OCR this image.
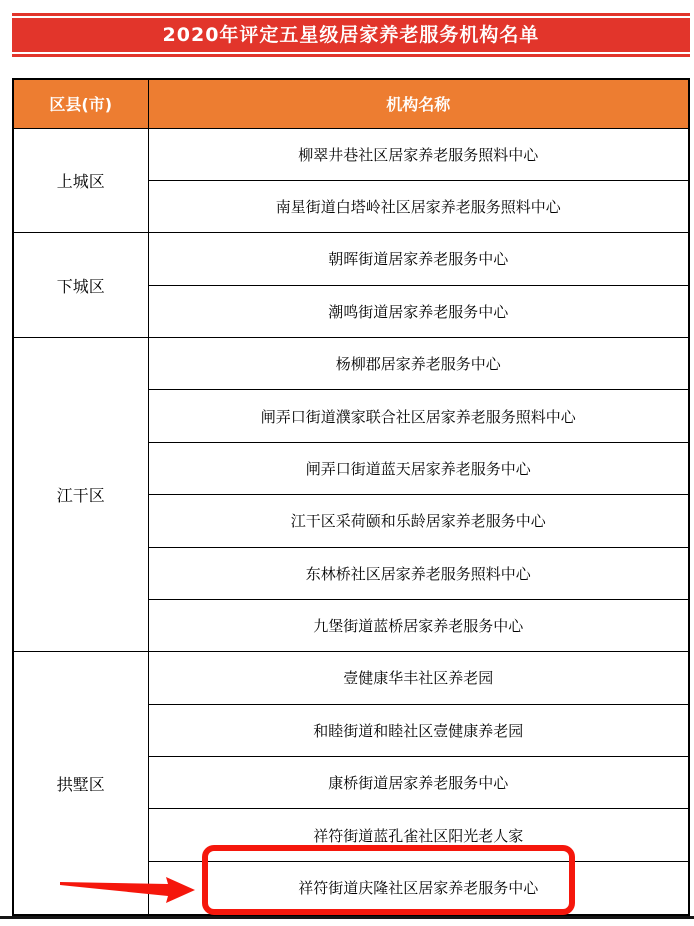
2020年评定五星级居家养老服务机构名单
区县(市)	机构名称
上城区	柳翠井巷社区居家养老服务照料中心
	南星街道白塔岭社区居家养老服务照料中心
下城区	朝晖街道居家养老服务中心
	潮鸣街道居家养老服务中心
江干区	杨柳郡居家养老服务中心
	闸弄口街道濮家联合社区居家养老服务照料中心
	闸弄口街道蓝天居家养老服务中心
	江干区采荷颐和乐龄居家养老服务中心
	东林桥社区居家养老服务照料中心
	九堡街道蓝桥居家养老服务中心
拱墅区	壹健康华丰社区养老园
	和睦街道和睦社区壹健康养老园
	康桥街道居家养老服务中心
	祥符街道蓝孔雀社区阳光老人家
	祥符街道庆隆社区居家养老服务中心
